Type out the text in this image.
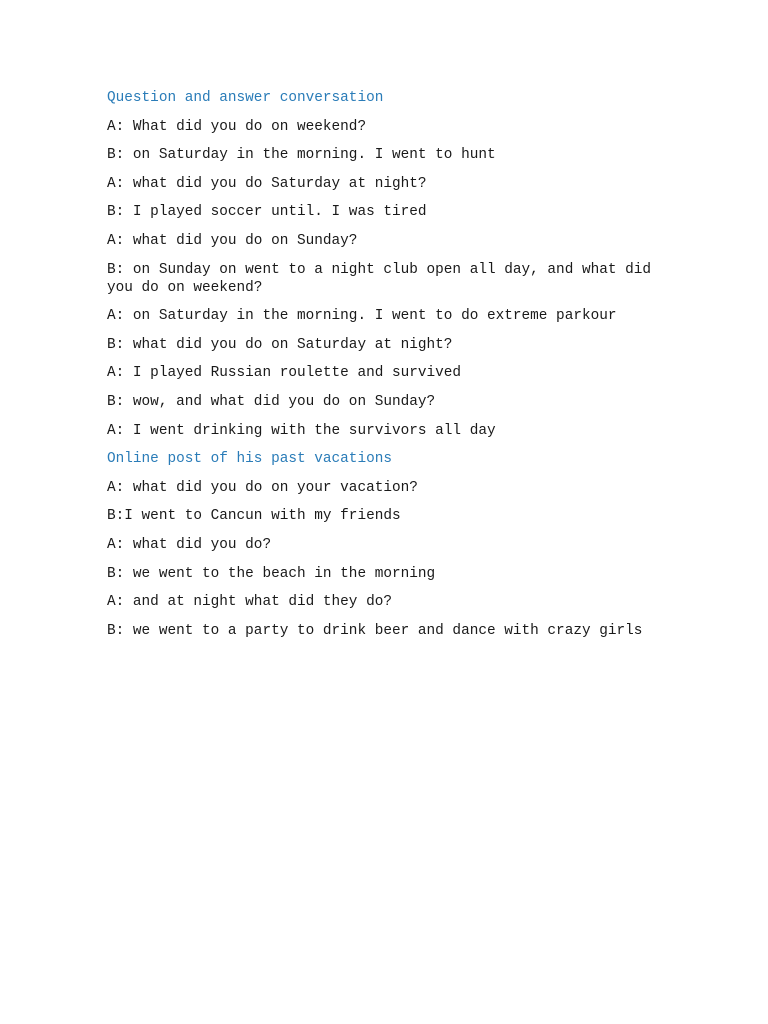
Question and answer conversation
A: What did you do on weekend?
B: on Saturday in the morning. I went to hunt
A: what did you do Saturday at night?
B: I played soccer until. I was tired
A: what did you do on Sunday?
B: on Sunday on went to a night club open all day, and what did you do on weekend?
A: on Saturday in the morning. I went to do extreme parkour
B: what did you do on Saturday at night?
A: I played Russian roulette and survived
B: wow, and what did you do on Sunday?
A: I went drinking with the survivors all day
Online post of his past vacations
A: what did you do on your vacation?
B:I went to Cancun with my friends
A: what did you do?
B: we went to the beach in the morning
A: and at night what did they do?
B: we went to a party to drink beer and dance with crazy girls
